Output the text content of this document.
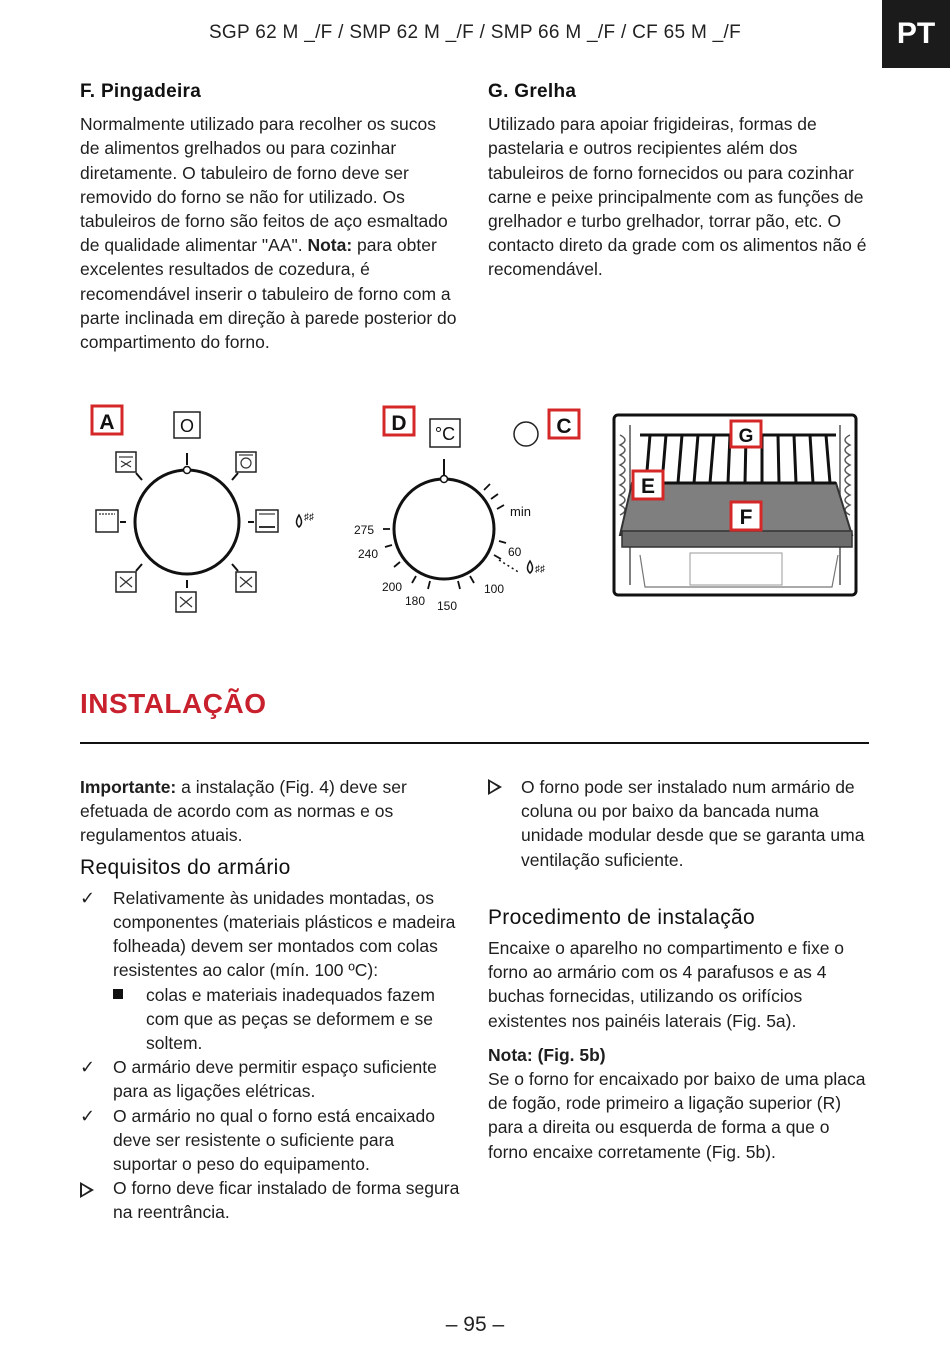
SGP 62 M _/F / SMP 62 M _/F / SMP 66 M _/F / CF 65 M _/F	PT
F. Pingadeira

Normalmente utilizado para recolher os sucos de alimentos grelhados ou para cozinhar diretamente. O tabuleiro de forno deve ser removido do forno se não for utilizado. Os tabuleiros de forno são feitos de aço esmaltado de qualidade alimentar "AA". Nota: para obter excelentes resultados de cozedura, é recomendável inserir o tabuleiro de forno com a parte inclinada em direção à parede posterior do compartimento do forno.

G. Grelha

Utilizado para apoiar frigideiras, formas de pastelaria e outros recipientes além dos tabuleiros de forno fornecidos ou para cozinhar carne e peixe principalmente com as funções de grelhador e turbo grelhador, torrar pão, etc. O contacto direto da grade com os alimentos não é recomendável.

A	O
♯♯
D °C
min
275
240
200
180 150
100
60
♯♯
C	G
E
F
INSTALAÇÃO

Importante: a instalação (Fig. 4) deve ser efetuada de acordo com as normas e os regulamentos atuais.

Requisitos do armário
✓ Relativamente às unidades montadas, os componentes (materiais plásticos e madeira folheada) devem ser montados com colas resistentes ao calor (mín. 100 ºC):
colas e materiais inadequados fazem com que as peças se deformem e se soltem.
✓ O armário deve permitir espaço suficiente para as ligações elétricas.
✓ O armário no qual o forno está encaixado deve ser resistente o suficiente para suportar o peso do equipamento.
O forno deve ficar instalado de forma segura na reentrância.
O forno pode ser instalado num armário de coluna ou por baixo da bancada numa unidade modular desde que se garanta uma ventilação suficiente.
Procedimento de instalação

Encaixe o aparelho no compartimento e fixe o forno ao armário com os 4 parafusos e as 4 buchas fornecidas, utilizando os orifícios existentes nos painéis laterais (Fig. 5a).

Nota: (Fig. 5b)

Se o forno for encaixado por baixo de uma placa de fogão, rode primeiro a ligação superior (R) para a direita ou esquerda de forma a que o forno encaixe corretamente (Fig. 5b).

– 95 –
